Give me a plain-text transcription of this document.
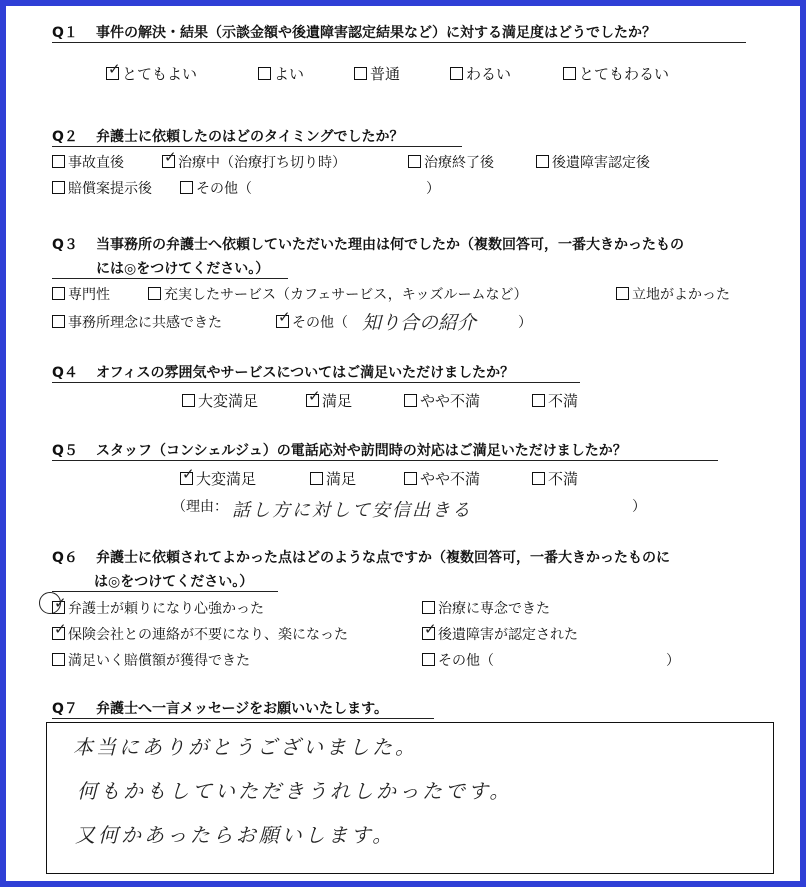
Q１ 事件の解決・結果（示談金額や後遺障害認定結果など）に対する満足度はどうでしたか？
✓ とてもよい	よい	普通	わるい	とてもわるい
Q２ 弁護士に依頼したのはどのタイミングでしたか？
事故直後	✓ 治療中（治療打ち切り時）	治療終了後	後遺障害認定後
賠償案提示後	その他（	）
Q３ 当事務所の弁護士へ依頼していただいた理由は何でしたか（複数回答可，一番大きかったもの
には◎をつけてください。）
専門性	充実したサービス（カフェサービス，キッズルームなど）	立地がよかった
事務所理念に共感できた	✓ その他（ 知り合の紹介	）
Q４ オフィスの雰囲気やサービスについてはご満足いただけましたか？
大変満足	✓ 満足	やや不満	不満
Q５ スタッフ（コンシェルジュ）の電話応対や訪問時の対応はご満足いただけましたか？
✓ 大変満足	満足	やや不満	不満
（理由： 話し方に対して安信出きる	）
Q６ 弁護士に依頼されてよかった点はどのような点ですか（複数回答可，一番大きかったものに
は◎をつけてください。）
✓ 弁護士が頼りになり心強かった	治療に専念できた
✓ 保険会社との連絡が不要になり、楽になった	✓ 後遺障害が認定された
満足いく賠償額が獲得できた	その他（	）
Q７ 弁護士へ一言メッセージをお願いいたします。
本当にありがとうございました。
何もかもしていただきうれしかったです。
又何かあったらお願いします。
